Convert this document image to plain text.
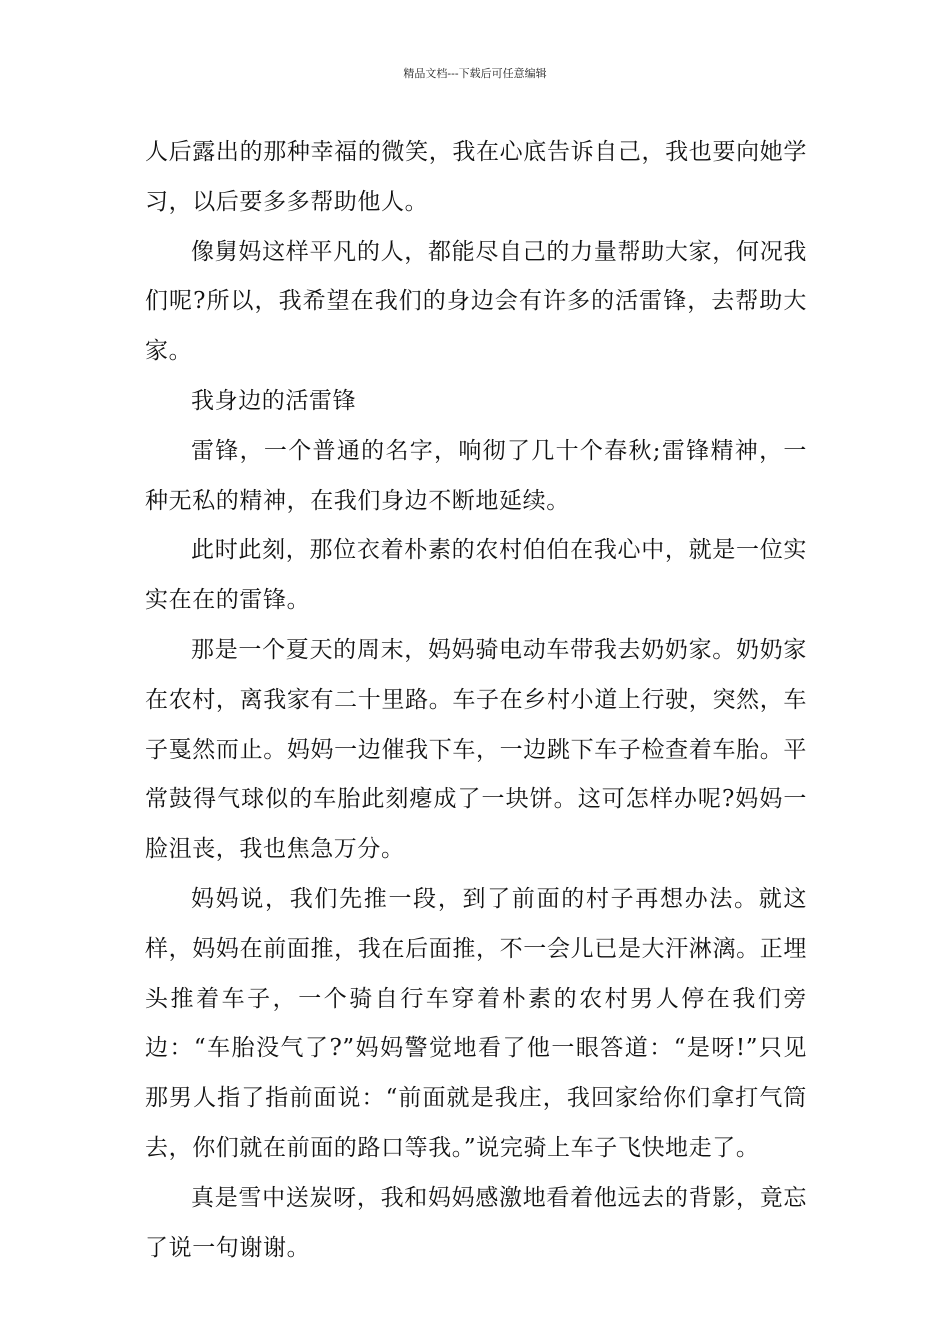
精品文档---下载后可任意编辑

人后露出的那种幸福的微笑，我在心底告诉自己，我也要向她学习，以后要多多帮助他人。

像舅妈这样平凡的人，都能尽自己的力量帮助大家，何况我们呢?所以，我希望在我们的身边会有许多的活雷锋，去帮助大家。

我身边的活雷锋

雷锋，一个普通的名字，响彻了几十个春秋;雷锋精神，一种无私的精神，在我们身边不断地延续。

此时此刻，那位衣着朴素的农村伯伯在我心中，就是一位实实在在的雷锋。

那是一个夏天的周末，妈妈骑电动车带我去奶奶家。奶奶家在农村，离我家有二十里路。车子在乡村小道上行驶，突然，车子戛然而止。妈妈一边催我下车，一边跳下车子检查着车胎。平常鼓得气球似的车胎此刻瘪成了一块饼。这可怎样办呢?妈妈一脸沮丧，我也焦急万分。

妈妈说，我们先推一段，到了前面的村子再想办法。就这样，妈妈在前面推，我在后面推，不一会儿已是大汗淋漓。正埋头推着车子，一个骑自行车穿着朴素的农村男人停在我们旁边：“车胎没气了?”妈妈警觉地看了他一眼答道：“是呀!”只见那男人指了指前面说：“前面就是我庄，我回家给你们拿打气筒去，你们就在前面的路口等我。”说完骑上车子飞快地走了。

真是雪中送炭呀，我和妈妈感激地看着他远去的背影，竟忘了说一句谢谢。
